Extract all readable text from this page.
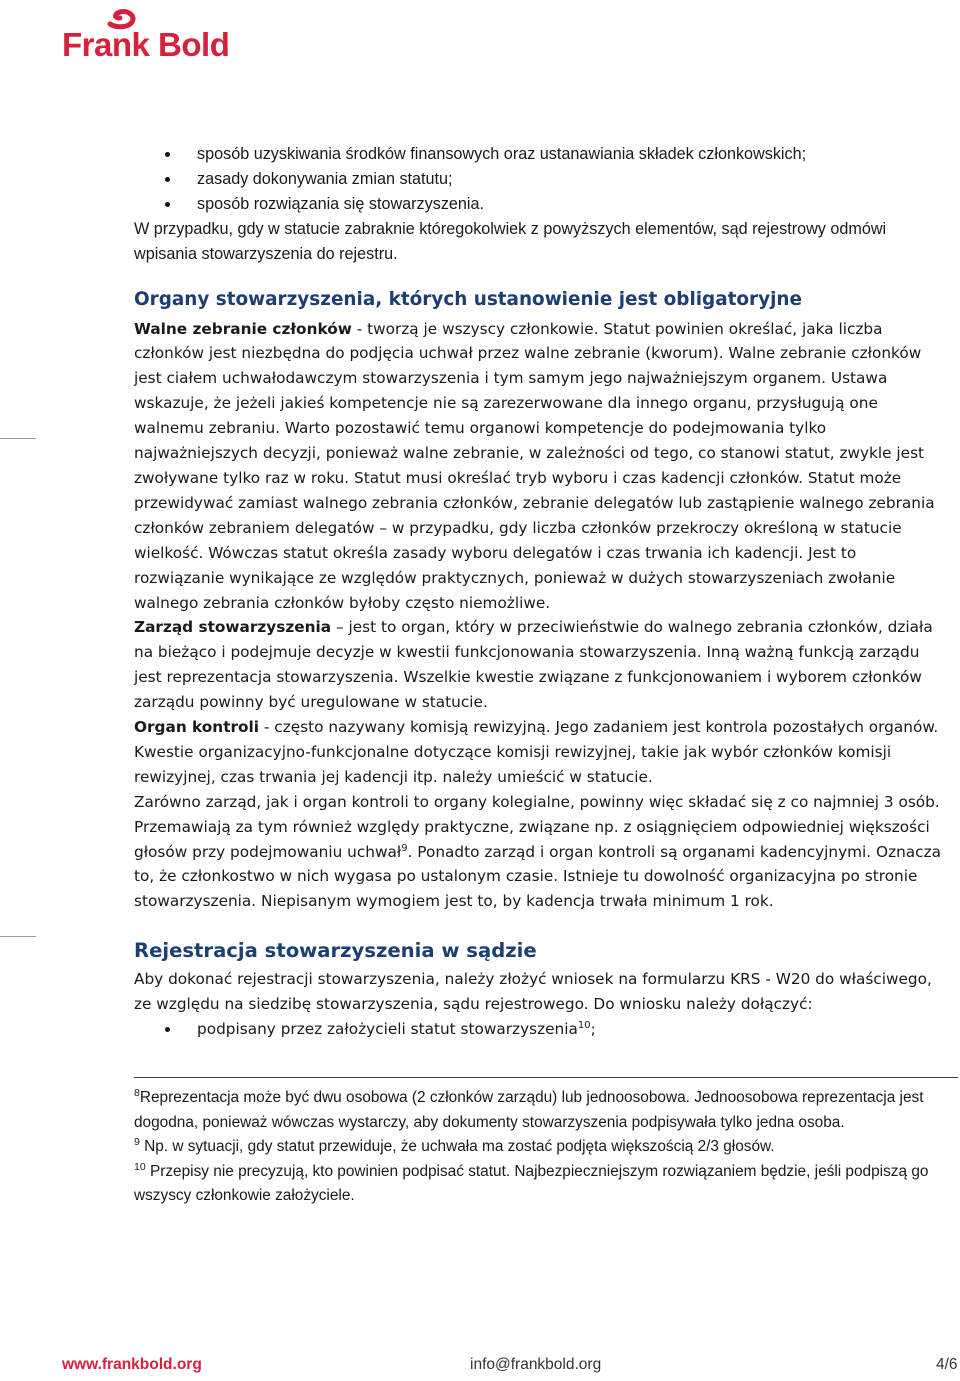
Frank Bold
sposób uzyskiwania środków finansowych oraz ustanawiania składek członkowskich;
zasady dokonywania zmian statutu;
sposób rozwiązania się stowarzyszenia.

W przypadku, gdy w statucie zabraknie któregokolwiek z powyższych elementów, sąd rejestrowy odmówi wpisania stowarzyszenia do rejestru.

Organy stowarzyszenia, których ustanowienie jest obligatoryjne

Walne zebranie członków - tworzą je wszyscy członkowie. Statut powinien określać, jaka liczba członków jest niezbędna do podjęcia uchwał przez walne zebranie (kworum). Walne zebranie członków jest ciałem uchwałodawczym stowarzyszenia i tym samym jego najważniejszym organem. Ustawa wskazuje, że jeżeli jakieś kompetencje nie są zarezerwowane dla innego organu, przysługują one walnemu zebraniu. Warto pozostawić temu organowi kompetencje do podejmowania tylko najważniejszych decyzji, ponieważ walne zebranie, w zależności od tego, co stanowi statut, zwykle jest zwoływane tylko raz w roku. Statut musi określać tryb wyboru i czas kadencji członków. Statut może przewidywać zamiast walnego zebrania członków, zebranie delegatów lub zastąpienie walnego zebrania członków zebraniem delegatów – w przypadku, gdy liczba członków przekroczy określoną w statucie wielkość. Wówczas statut określa zasady wyboru delegatów i czas trwania ich kadencji. Jest to rozwiązanie wynikające ze względów praktycznych, ponieważ w dużych stowarzyszeniach zwołanie walnego zebrania członków byłoby często niemożliwe.

Zarząd stowarzyszenia – jest to organ, który w przeciwieństwie do walnego zebrania członków, działa na bieżąco i podejmuje decyzje w kwestii funkcjonowania stowarzyszenia. Inną ważną funkcją zarządu jest reprezentacja stowarzyszenia. Wszelkie kwestie związane z funkcjonowaniem i wyborem członków zarządu powinny być uregulowane w statucie.

Organ kontroli - często nazywany komisją rewizyjną. Jego zadaniem jest kontrola pozostałych organów. Kwestie organizacyjno-funkcjonalne dotyczące komisji rewizyjnej, takie jak wybór członków komisji rewizyjnej, czas trwania jej kadencji itp. należy umieścić w statucie.

Zarówno zarząd, jak i organ kontroli to organy kolegialne, powinny więc składać się z co najmniej 3 osób. Przemawiają za tym również względy praktyczne, związane np. z osiągnięciem odpowiedniej większości głosów przy podejmowaniu uchwał$^9$. Ponadto zarząd i organ kontroli są organami kadencyjnymi. Oznacza to, że członkostwo w nich wygasa po ustalonym czasie. Istnieje tu dowolność organizacyjna po stronie stowarzyszenia. Niepisanym wymogiem jest to, by kadencja trwała minimum 1 rok.

Rejestracja stowarzyszenia w sądzie

Aby dokonać rejestracji stowarzyszenia, należy złożyć wniosek na formularzu KRS - W20 do właściwego, ze względu na siedzibę stowarzyszenia, sądu rejestrowego. Do wniosku należy dołączyć:

podpisany przez założycieli statut stowarzyszenia$^{10}$;

$^8$Reprezentacja może być dwu osobowa (2 członków zarządu) lub jednoosobowa. Jednoosobowa reprezentacja jest dogodna, ponieważ wówczas wystarczy, aby dokumenty stowarzyszenia podpisywała tylko jedna osoba.

$^9$ Np. w sytuacji, gdy statut przewiduje, że uchwała ma zostać podjęta większością 2/3 głosów.

$^{10}$ Przepisy nie precyzują, kto powinien podpisać statut. Najbezpieczniejszym rozwiązaniem będzie, jeśli podpiszą go wszyscy członkowie założyciele.

www.frankbold.org	info@frankbold.org	4/6
